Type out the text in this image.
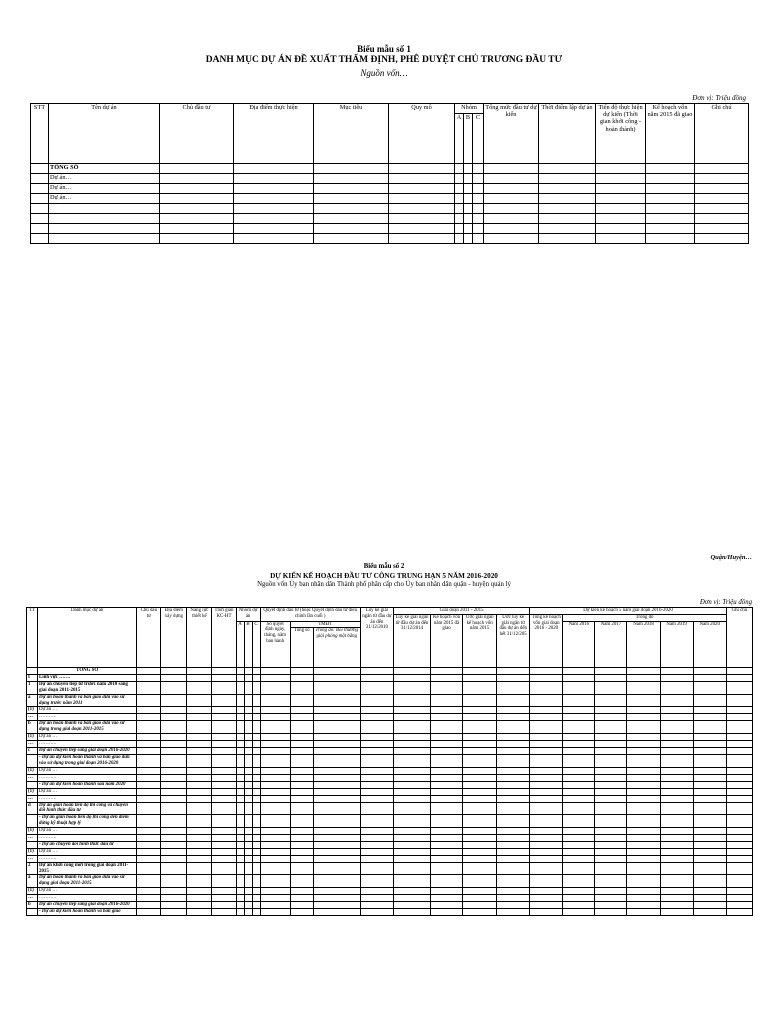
Biểu mẫu số 1
DANH MỤC DỰ ÁN ĐỀ XUẤT THẨM ĐỊNH, PHÊ DUYỆT CHỦ TRƯƠNG ĐẦU TƯ
Nguồn vốn…
Đơn vị: Triệu đồng
STT	Tên dự án	Chủ đầu tư	Địa điểm thực hiện	Mục tiêu	Quy mô	Nhóm			Tổng mức đầu tư dự kiến	Thời điểm lập dự án	Tiến độ thực hiện dự kiến (Thời gian khởi công - hoàn thành)	Kế hoạch vốn năm 2015 đã giao	Ghi chú
						A	B	C					
	TỔNG SỐ												
	Dự án…												
	Dự án…												
	Dự án…												

Quận/Huyện…
Biểu mẫu số 2
DỰ KIẾN KẾ HOẠCH ĐẦU TƯ CÔNG TRUNG HẠN 5 NĂM 2016-2020
Nguồn vốn Ủy ban nhân dân Thành phố phân cấp cho Ủy ban nhân dân quận - huyện quản lý
Đơn vị: Triệu đồng
TT	Danh mục dự án	Chủ đầu tư	Địa điểm xây dựng	Năng lực thiết kế	Thời gian KC-HT	Nhóm dự án			Quyết định đầu tư (hoặc Quyết định đầu tư điều chỉnh lần cuối )			Lũy kế giải ngân từ đầu dự án đến 31/12/2010	Giai đoạn 2011 - 2015				Dự kiến kế hoạch 5 năm giai đoạn 2016-2020						Ghi chú
													Lũy kế giải ngân từ đầu dự án đến 31/12/2014	Kế hoạch vốn năm 2015 đã giao	Ước giải ngân kế hoạch vốn năm 2015	Ước lũy kế giải ngân từ đầu dự án đến hết 31/12/205	Tổng kế hoạch vốn giai đoạn 2016 - 2020	Trong đó					
						A	B	C	Số quyết định ngày, tháng, năm ban hành	TMĐT								Năm 2016	Năm 2017	Năm 2018	Năm 2019	Năm 2020	
										Tổng số	Trong đó: Bồi thường giải phóng mặt bằng												
	TỔNG SỐ																						
I	Lĩnh vực …….																						
1	Dự án chuyển tiếp từ trước năm 2010 sang giai đoạn 2011-2015																						
a	Dự án hoàn thành và bàn giao đưa vào sử dụng trước năm 2011																						
(1)	Dự án …																						
…	………..																						
b	Dự án hoàn thành và bàn giao đưa vào sử dụng trong giai đoạn 2011-2015																						
(1)	Dự án …																						
…	………..																						
c	Dự án chuyển tiếp sang giai đoạn 2016-2020																						
	- Dự án dự kiến hoàn thành và bàn giao đưa vào sử dụng trong giai đoạn 2016-2020																						
(1)	Dự án …																						
…	………..																						
	- Dự án dự kiến hoàn thành sau năm 2020																						
(1)	Dự án …																						
…	………..																						
d	Dự án giãn hoãn tiến độ thi công và chuyển đổi hình thức đầu tư																						
	- Dự án giãn hoãn tiến độ thi công đến điểm dừng kỹ thuật hợp lý																						
(1)	Dự án …																						
…	………..																						
	- Dự án chuyển đổi hình thức đầu tư																						
(1)	Dự án …																						
…	………..																						
2	Dự án khởi công mới trong giai đoạn 2011-2015																						
a	Dự án hoàn thành và bàn giao đưa vào sử dụng giai đoạn 2011-2015																						
(1)	Dự án …																						
…	………..																						
b	Dự án chuyển tiếp sang giai đoạn 2016-2020																						
	- Dự án dự kiến hoàn thành và bàn giao																						
